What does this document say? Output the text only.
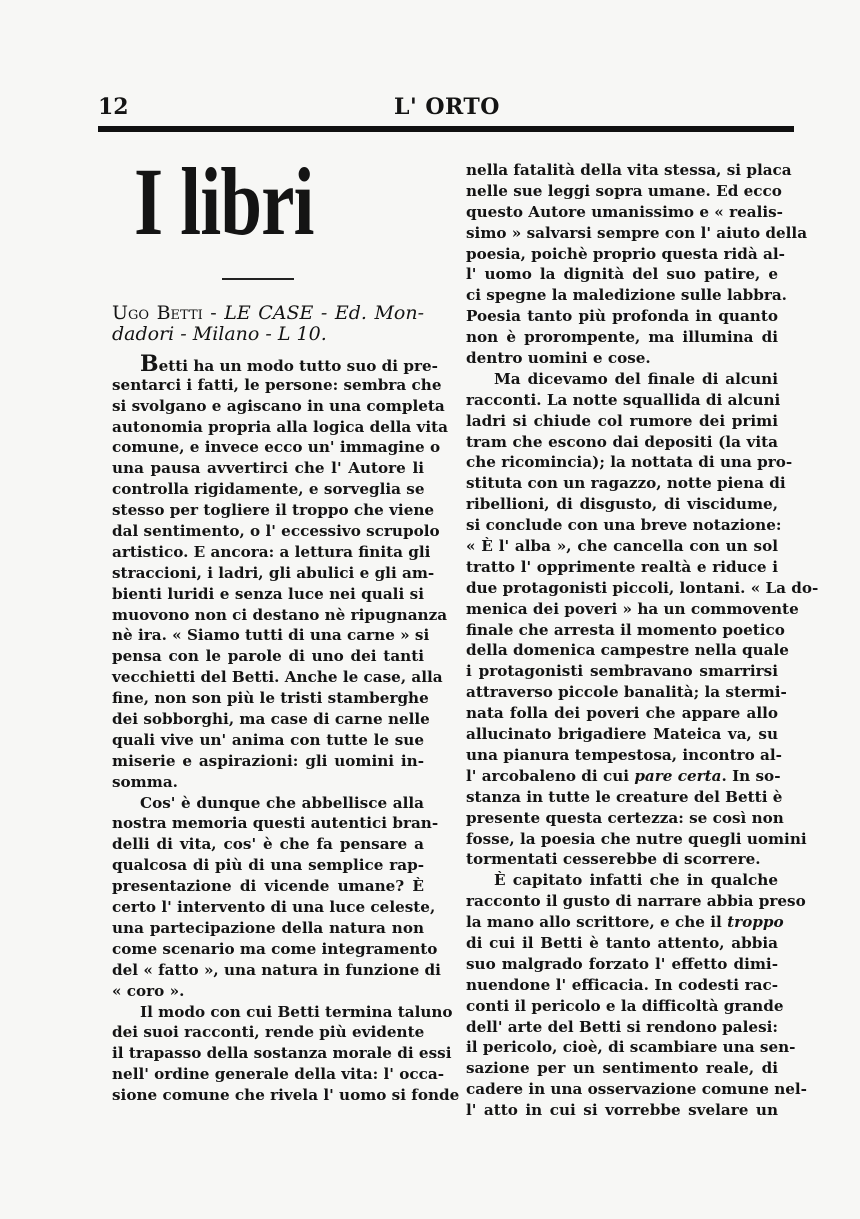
12	L' ORTO
I libri
Ugo Betti - LE CASE - Ed. Mon-
dadori - Milano - L 10.
Betti ha un modo tutto suo di pre-
sentarci i fatti, le persone: sembra che
si svolgano e agiscano in una completa
autonomia propria alla logica della vita
comune, e invece ecco un' immagine o
una pausa avvertirci che l' Autore li
controlla rigidamente, e sorveglia se
stesso per togliere il troppo che viene
dal sentimento, o l' eccessivo scrupolo
artistico. E ancora: a lettura finita gli
straccioni, i ladri, gli abulici e gli am-
bienti luridi e senza luce nei quali si
muovono non ci destano nè ripugnanza
nè ira. « Siamo tutti di una carne » si
pensa con le parole di uno dei tanti
vecchietti del Betti. Anche le case, alla
fine, non son più le tristi stamberghe
dei sobborghi, ma case di carne nelle
quali vive un' anima con tutte le sue
miserie e aspirazioni: gli uomini in-
somma.
Cos' è dunque che abbellisce alla
nostra memoria questi autentici bran-
delli di vita, cos' è che fa pensare a
qualcosa di più di una semplice rap-
presentazione di vicende umane? È
certo l' intervento di una luce celeste,
una partecipazione della natura non
come scenario ma come integramento
del « fatto », una natura in funzione di
« coro ».
Il modo con cui Betti termina taluno
dei suoi racconti, rende più evidente
il trapasso della sostanza morale di essi
nell' ordine generale della vita: l' occa-
sione comune che rivela l' uomo si fonde
nella fatalità della vita stessa, si placa
nelle sue leggi sopra umane. Ed ecco
questo Autore umanissimo e « realis-
simo » salvarsi sempre con l' aiuto della
poesia, poichè proprio questa ridà al-
l' uomo la dignità del suo patire, e
ci spegne la maledizione sulle labbra.
Poesia tanto più profonda in quanto
non è prorompente, ma illumina di
dentro uomini e cose.
Ma dicevamo del finale di alcuni
racconti. La notte squallida di alcuni
ladri si chiude col rumore dei primi
tram che escono dai depositi (la vita
che ricomincia); la nottata di una pro-
stituta con un ragazzo, notte piena di
ribellioni, di disgusto, di viscidume,
si conclude con una breve notazione:
« È l' alba », che cancella con un sol
tratto l' opprimente realtà e riduce i
due protagonisti piccoli, lontani. « La do-
menica dei poveri » ha un commovente
finale che arresta il momento poetico
della domenica campestre nella quale
i protagonisti sembravano smarrirsi
attraverso piccole banalità; la stermi-
nata folla dei poveri che appare allo
allucinato brigadiere Mateica va, su
una pianura tempestosa, incontro al-
l' arcobaleno di cui pare certa. In so-
stanza in tutte le creature del Betti è
presente questa certezza: se così non
fosse, la poesia che nutre quegli uomini
tormentati cesserebbe di scorrere.
È capitato infatti che in qualche
racconto il gusto di narrare abbia preso
la mano allo scrittore, e che il troppo
di cui il Betti è tanto attento, abbia
suo malgrado forzato l' effetto dimi-
nuendone l' efficacia. In codesti rac-
conti il pericolo e la difficoltà grande
dell' arte del Betti si rendono palesi:
il pericolo, cioè, di scambiare una sen-
sazione per un sentimento reale, di
cadere in una osservazione comune nel-
l' atto in cui si vorrebbe svelare un
